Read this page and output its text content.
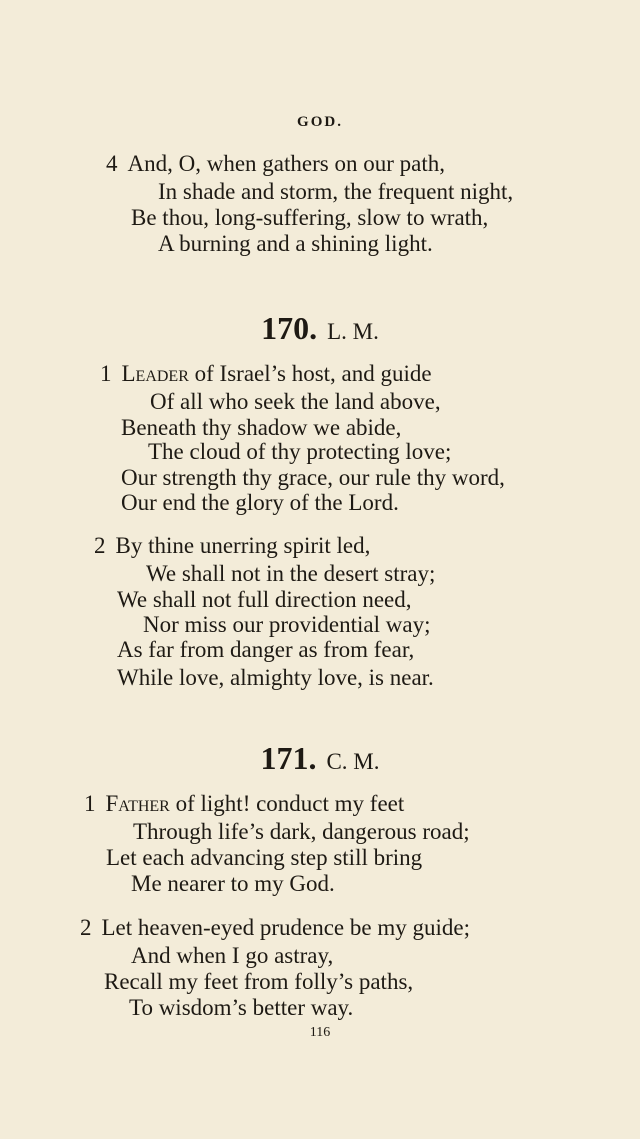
GOD.
4 And, O, when gathers on our path,
In shade and storm, the frequent night,
Be thou, long-suffering, slow to wrath,
A burning and a shining light.
170. L. M.
1 Leader of Israel’s host, and guide
Of all who seek the land above,
Beneath thy shadow we abide,
The cloud of thy protecting love;
Our strength thy grace, our rule thy word,
Our end the glory of the Lord.
2 By thine unerring spirit led,
We shall not in the desert stray;
We shall not full direction need,
Nor miss our providential way;
As far from danger as from fear,
While love, almighty love, is near.
171. C. M.
1 Father of light! conduct my feet
Through life’s dark, dangerous road;
Let each advancing step still bring
Me nearer to my God.
2 Let heaven-eyed prudence be my guide;
And when I go astray,
Recall my feet from folly’s paths,
To wisdom’s better way.
116
